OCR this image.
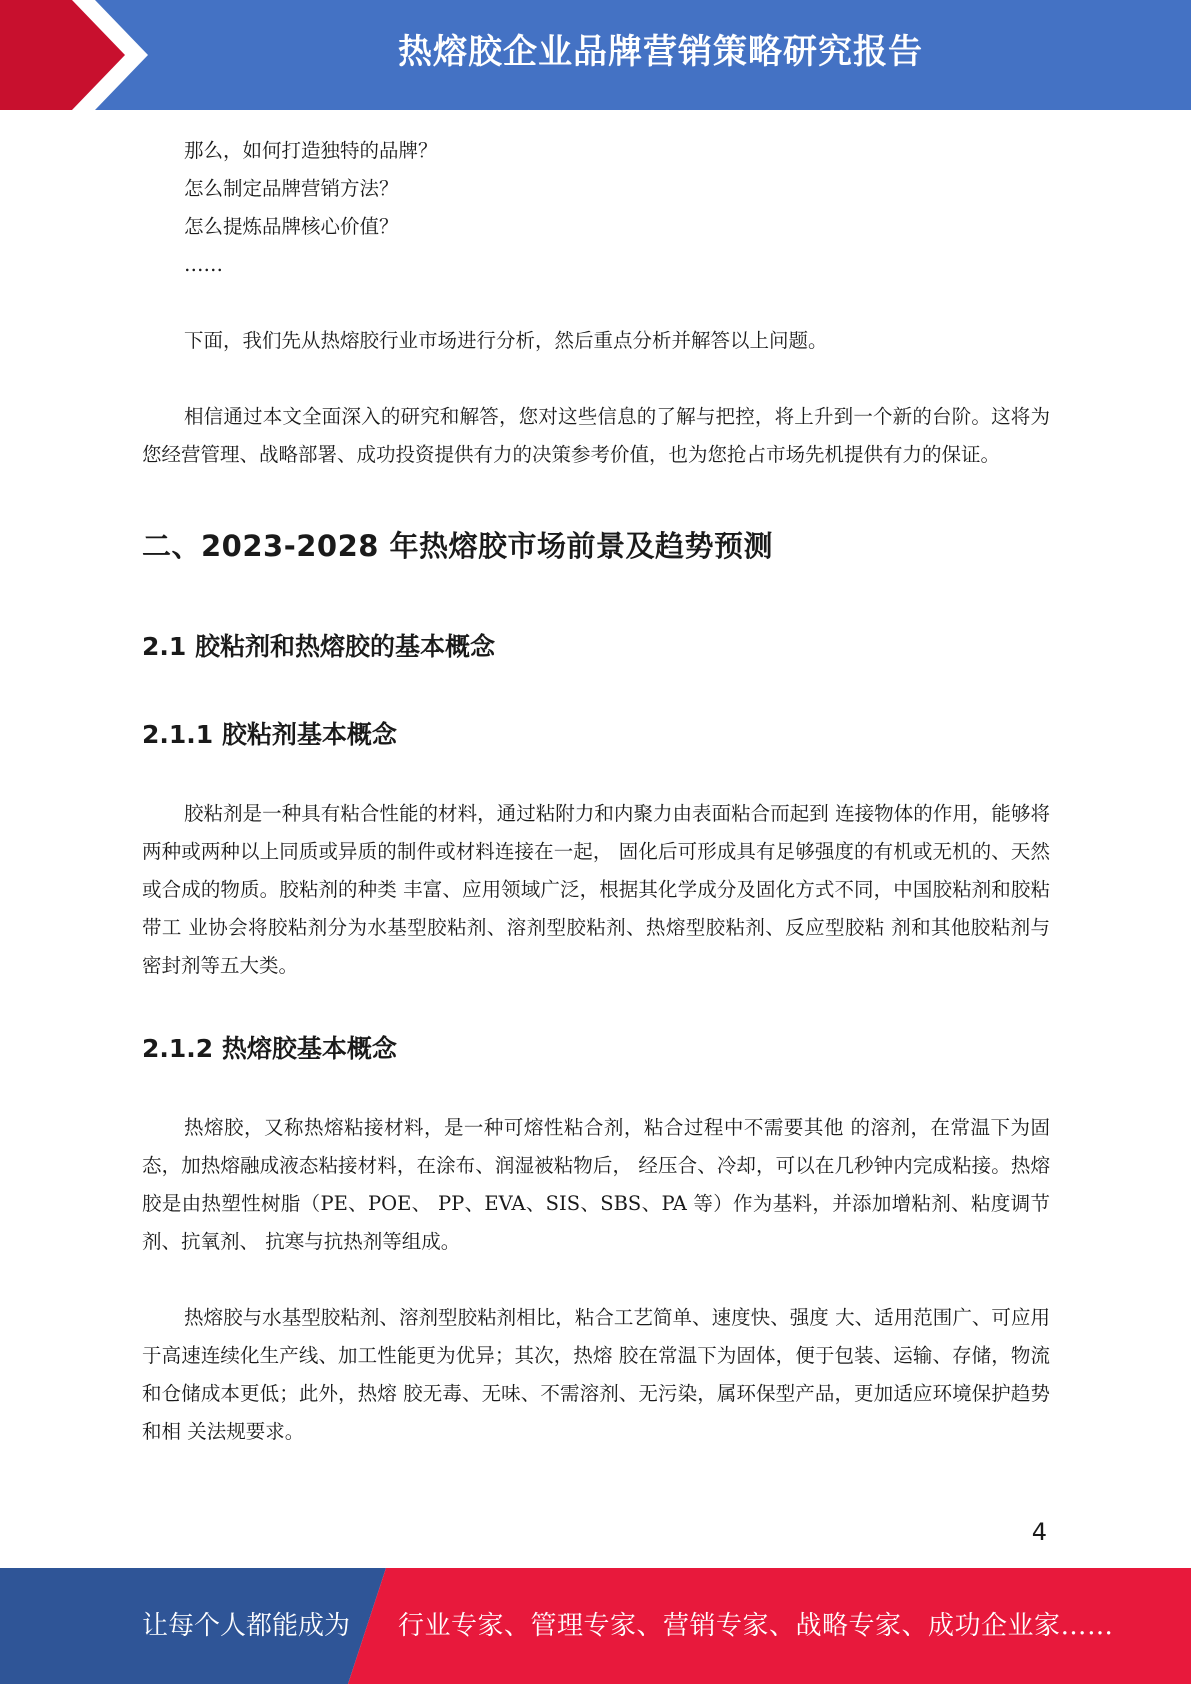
热熔胶企业品牌营销策略研究报告

那么，如何打造独特的品牌？

怎么制定品牌营销方法？

怎么提炼品牌核心价值？

……

下面，我们先从热熔胶行业市场进行分析，然后重点分析并解答以上问题。

相信通过本文全面深入的研究和解答，您对这些信息的了解与把控，将上升到一个新的台阶。这将为您经营管理、战略部署、成功投资提供有力的决策参考价值，也为您抢占市场先机提供有力的保证。

二、2023-2028 年热熔胶市场前景及趋势预测
2.1 胶粘剂和热熔胶的基本概念
2.1.1 胶粘剂基本概念

胶粘剂是一种具有粘合性能的材料，通过粘附力和内聚力由表面粘合而起到 连接物体的作用，能够将两种或两种以上同质或异质的制件或材料连接在一起， 固化后可形成具有足够强度的有机或无机的、天然或合成的物质。胶粘剂的种类 丰富、应用领域广泛，根据其化学成分及固化方式不同，中国胶粘剂和胶粘带工 业协会将胶粘剂分为水基型胶粘剂、溶剂型胶粘剂、热熔型胶粘剂、反应型胶粘 剂和其他胶粘剂与密封剂等五大类。

2.1.2 热熔胶基本概念

热熔胶，又称热熔粘接材料，是一种可熔性粘合剂，粘合过程中不需要其他 的溶剂，在常温下为固态，加热熔融成液态粘接材料，在涂布、润湿被粘物后， 经压合、冷却，可以在几秒钟内完成粘接。热熔胶是由热塑性树脂（PE、POE、 PP、EVA、SIS、SBS、PA 等）作为基料，并添加增粘剂、粘度调节剂、抗氧剂、 抗寒与抗热剂等组成。

热熔胶与水基型胶粘剂、溶剂型胶粘剂相比，粘合工艺简单、速度快、强度 大、适用范围广、可应用于高速连续化生产线、加工性能更为优异；其次，热熔 胶在常温下为固体，便于包装、运输、存储，物流和仓储成本更低；此外，热熔 胶无毒、无味、不需溶剂、无污染，属环保型产品，更加适应环境保护趋势和相 关法规要求。

4
让每个人都能成为 行业专家、管理专家、营销专家、战略专家、成功企业家……
